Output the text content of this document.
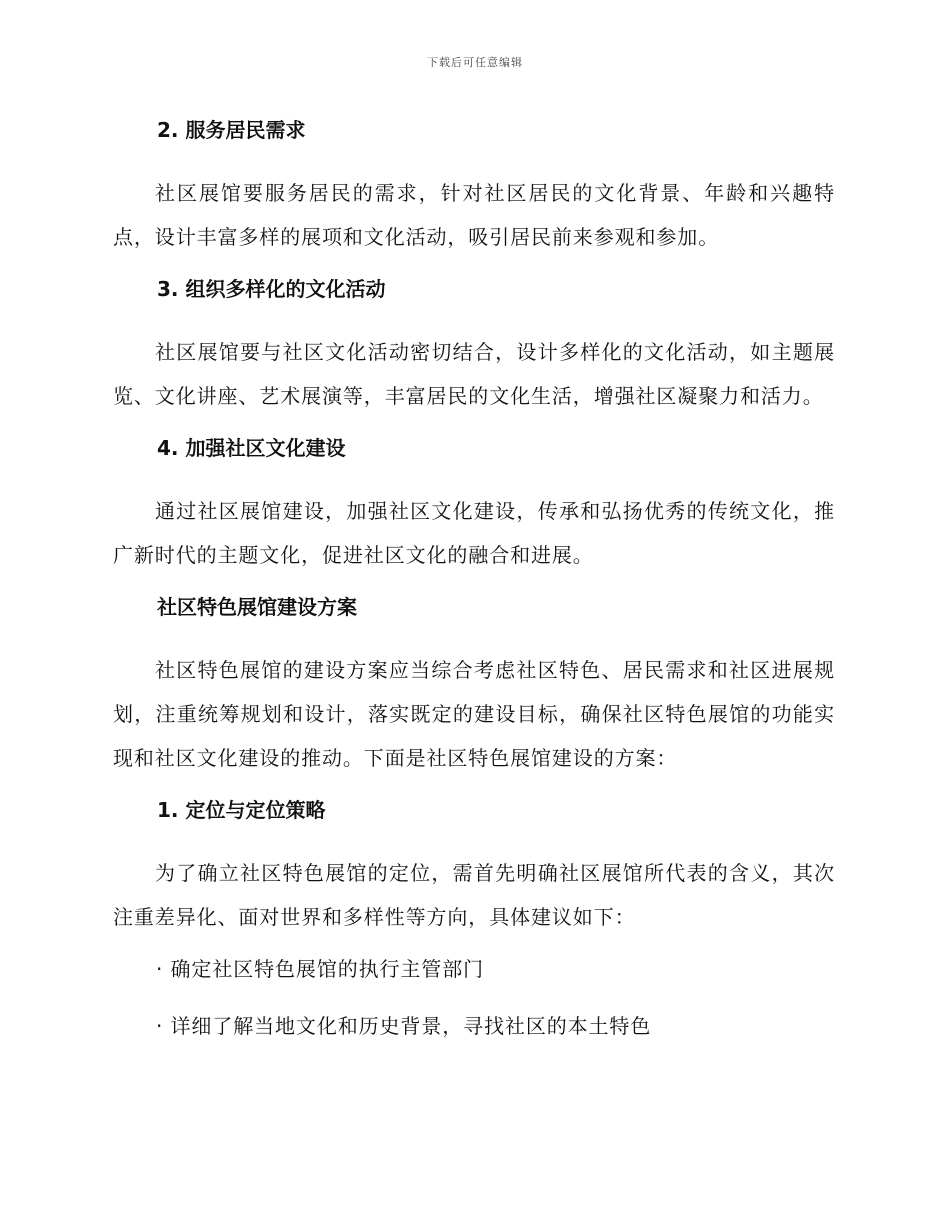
下载后可任意编辑
2. 服务居民需求

社区展馆要服务居民的需求，针对社区居民的文化背景、年龄和兴趣特点，设计丰富多样的展项和文化活动，吸引居民前来参观和参加。

3. 组织多样化的文化活动

社区展馆要与社区文化活动密切结合，设计多样化的文化活动，如主题展览、文化讲座、艺术展演等，丰富居民的文化生活，增强社区凝聚力和活力。

4. 加强社区文化建设

通过社区展馆建设，加强社区文化建设，传承和弘扬优秀的传统文化，推广新时代的主题文化，促进社区文化的融合和进展。

社区特色展馆建设方案

社区特色展馆的建设方案应当综合考虑社区特色、居民需求和社区进展规划，注重统筹规划和设计，落实既定的建设目标，确保社区特色展馆的功能实现和社区文化建设的推动。下面是社区特色展馆建设的方案：

1. 定位与定位策略

为了确立社区特色展馆的定位，需首先明确社区展馆所代表的含义，其次注重差异化、面对世界和多样性等方向，具体建议如下：

· 确定社区特色展馆的执行主管部门
· 详细了解当地文化和历史背景，寻找社区的本土特色
